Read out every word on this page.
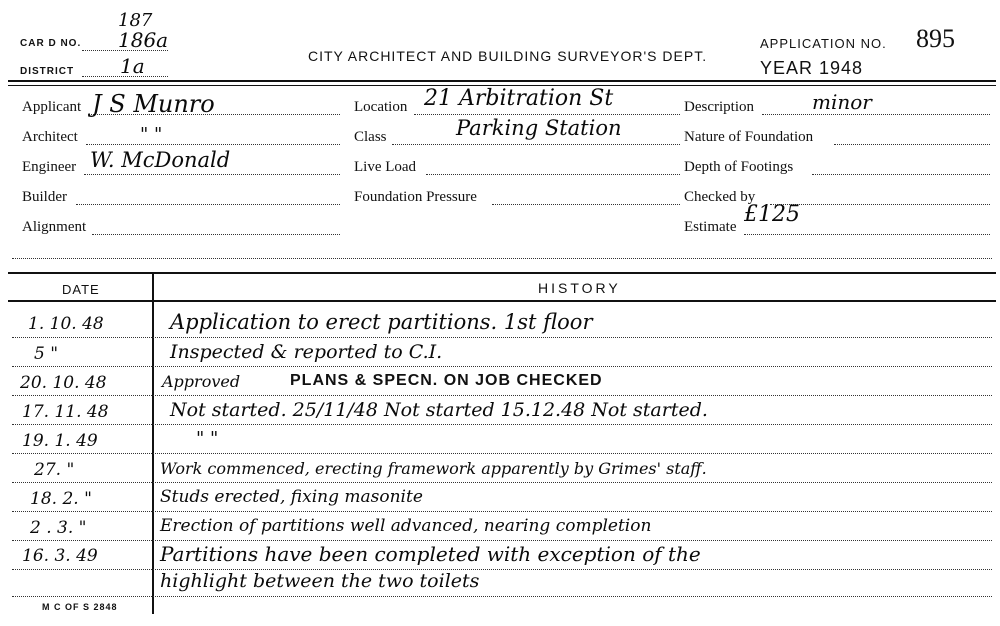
CAR D NO.
187
186a
DISTRICT 1a	CITY ARCHITECT AND BUILDING SURVEYOR'S DEPT.
APPLICATION NO. 895
YEAR 1948
Applicant J S Munro
Architect	" "
Engineer W. McDonald
Builder
Alignment
Location 21 Arbitration St
Class	Parking Station
Live Load
Foundation Pressure
Description	minor
Nature of Foundation
Depth of Footings
Checked by
Estimate £125
DATE	HISTORY
1. 10. 48	Application to erect partitions. 1st floor
5 "	Inspected & reported to C.I.
20. 10. 48	Approved	PLANS & SPECN. ON JOB CHECKED
17. 11. 48	Not started. 25/11/48 Not started 15.12.48 Not started.
19. 1. 49	" "
27. "	Work commenced, erecting framework apparently by Grimes' staff.
18. 2. "	Studs erected, fixing masonite
2 . 3. "	Erection of partitions well advanced, nearing completion
16. 3. 49	Partitions have been completed with exception of the
highlight between the two toilets
M C OF S 2848
